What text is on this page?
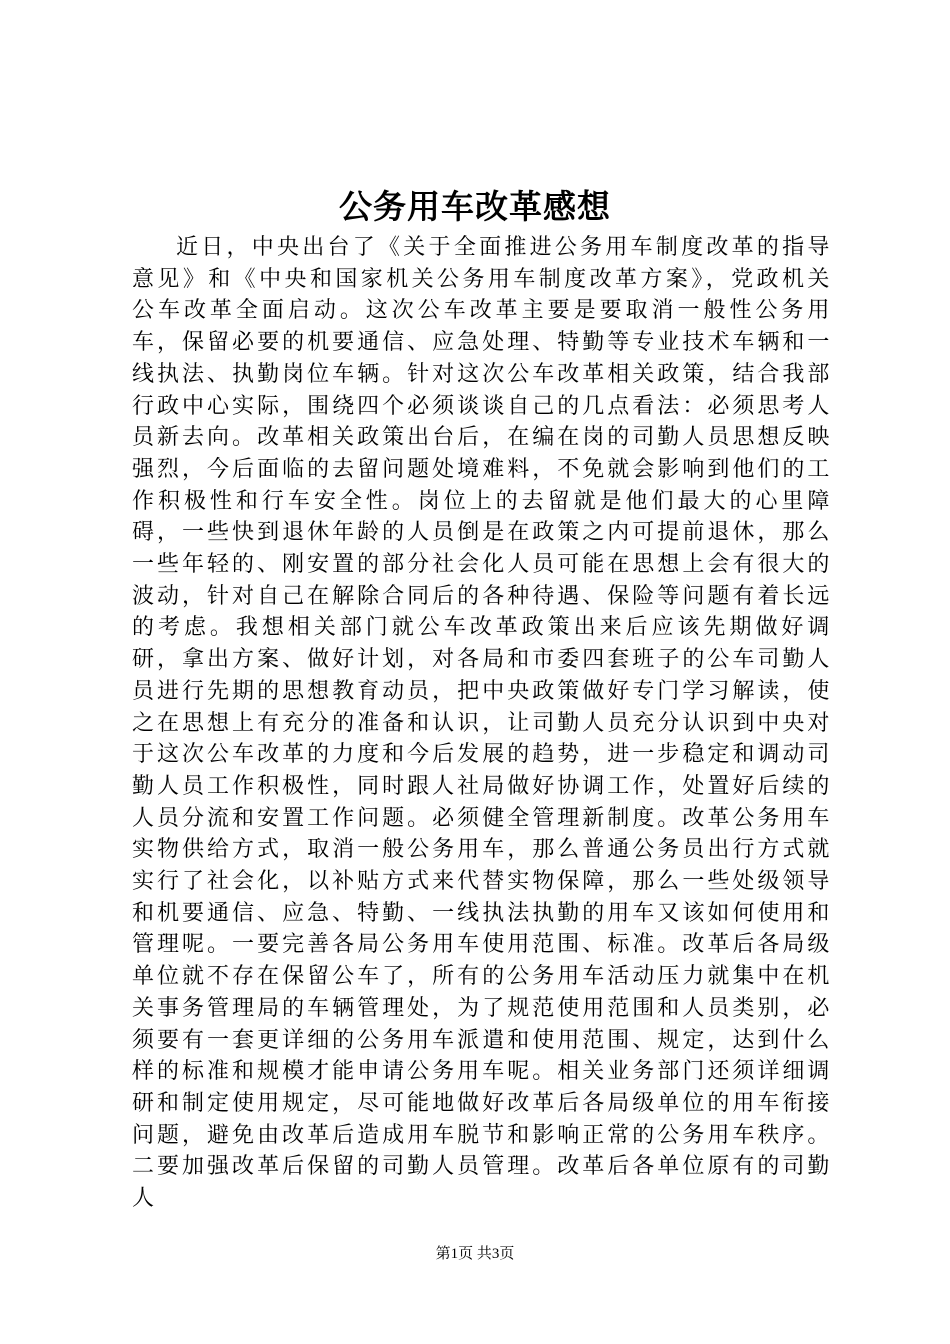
公务用车改革感想

近日，中央出台了《关于全面推进公务用车制度改革的指导意见》和《中央和国家机关公务用车制度改革方案》，党政机关公车改革全面启动。这次公车改革主要是要取消一般性公务用车，保留必要的机要通信、应急处理、特勤等专业技术车辆和一线执法、执勤岗位车辆。针对这次公车改革相关政策，结合我部行政中心实际，围绕四个必须谈谈自己的几点看法：必须思考人员新去向。改革相关政策出台后，在编在岗的司勤人员思想反映强烈，今后面临的去留问题处境难料，不免就会影响到他们的工作积极性和行车安全性。岗位上的去留就是他们最大的心里障碍，一些快到退休年龄的人员倒是在政策之内可提前退休，那么一些年轻的、刚安置的部分社会化人员可能在思想上会有很大的波动，针对自己在解除合同后的各种待遇、保险等问题有着长远的考虑。我想相关部门就公车改革政策出来后应该先期做好调研，拿出方案、做好计划，对各局和市委四套班子的公车司勤人员进行先期的思想教育动员，把中央政策做好专门学习解读，使之在思想上有充分的准备和认识，让司勤人员充分认识到中央对于这次公车改革的力度和今后发展的趋势，进一步稳定和调动司勤人员工作积极性，同时跟人社局做好协调工作，处置好后续的人员分流和安置工作问题。必须健全管理新制度。改革公务用车实物供给方式，取消一般公务用车，那么普通公务员出行方式就实行了社会化，以补贴方式来代替实物保障，那么一些处级领导和机要通信、应急、特勤、一线执法执勤的用车又该如何使用和管理呢。一要完善各局公务用车使用范围、标准。改革后各局级单位就不存在保留公车了，所有的公务用车活动压力就集中在机关事务管理局的车辆管理处，为了规范使用范围和人员类别，必须要有一套更详细的公务用车派遣和使用范围、规定，达到什么样的标准和规模才能申请公务用车呢。相关业务部门还须详细调研和制定使用规定，尽可能地做好改革后各局级单位的用车衔接问题，避免由改革后造成用车脱节和影响正常的公务用车秩序。二要加强改革后保留的司勤人员管理。改革后各单位原有的司勤人

第1页 共3页
